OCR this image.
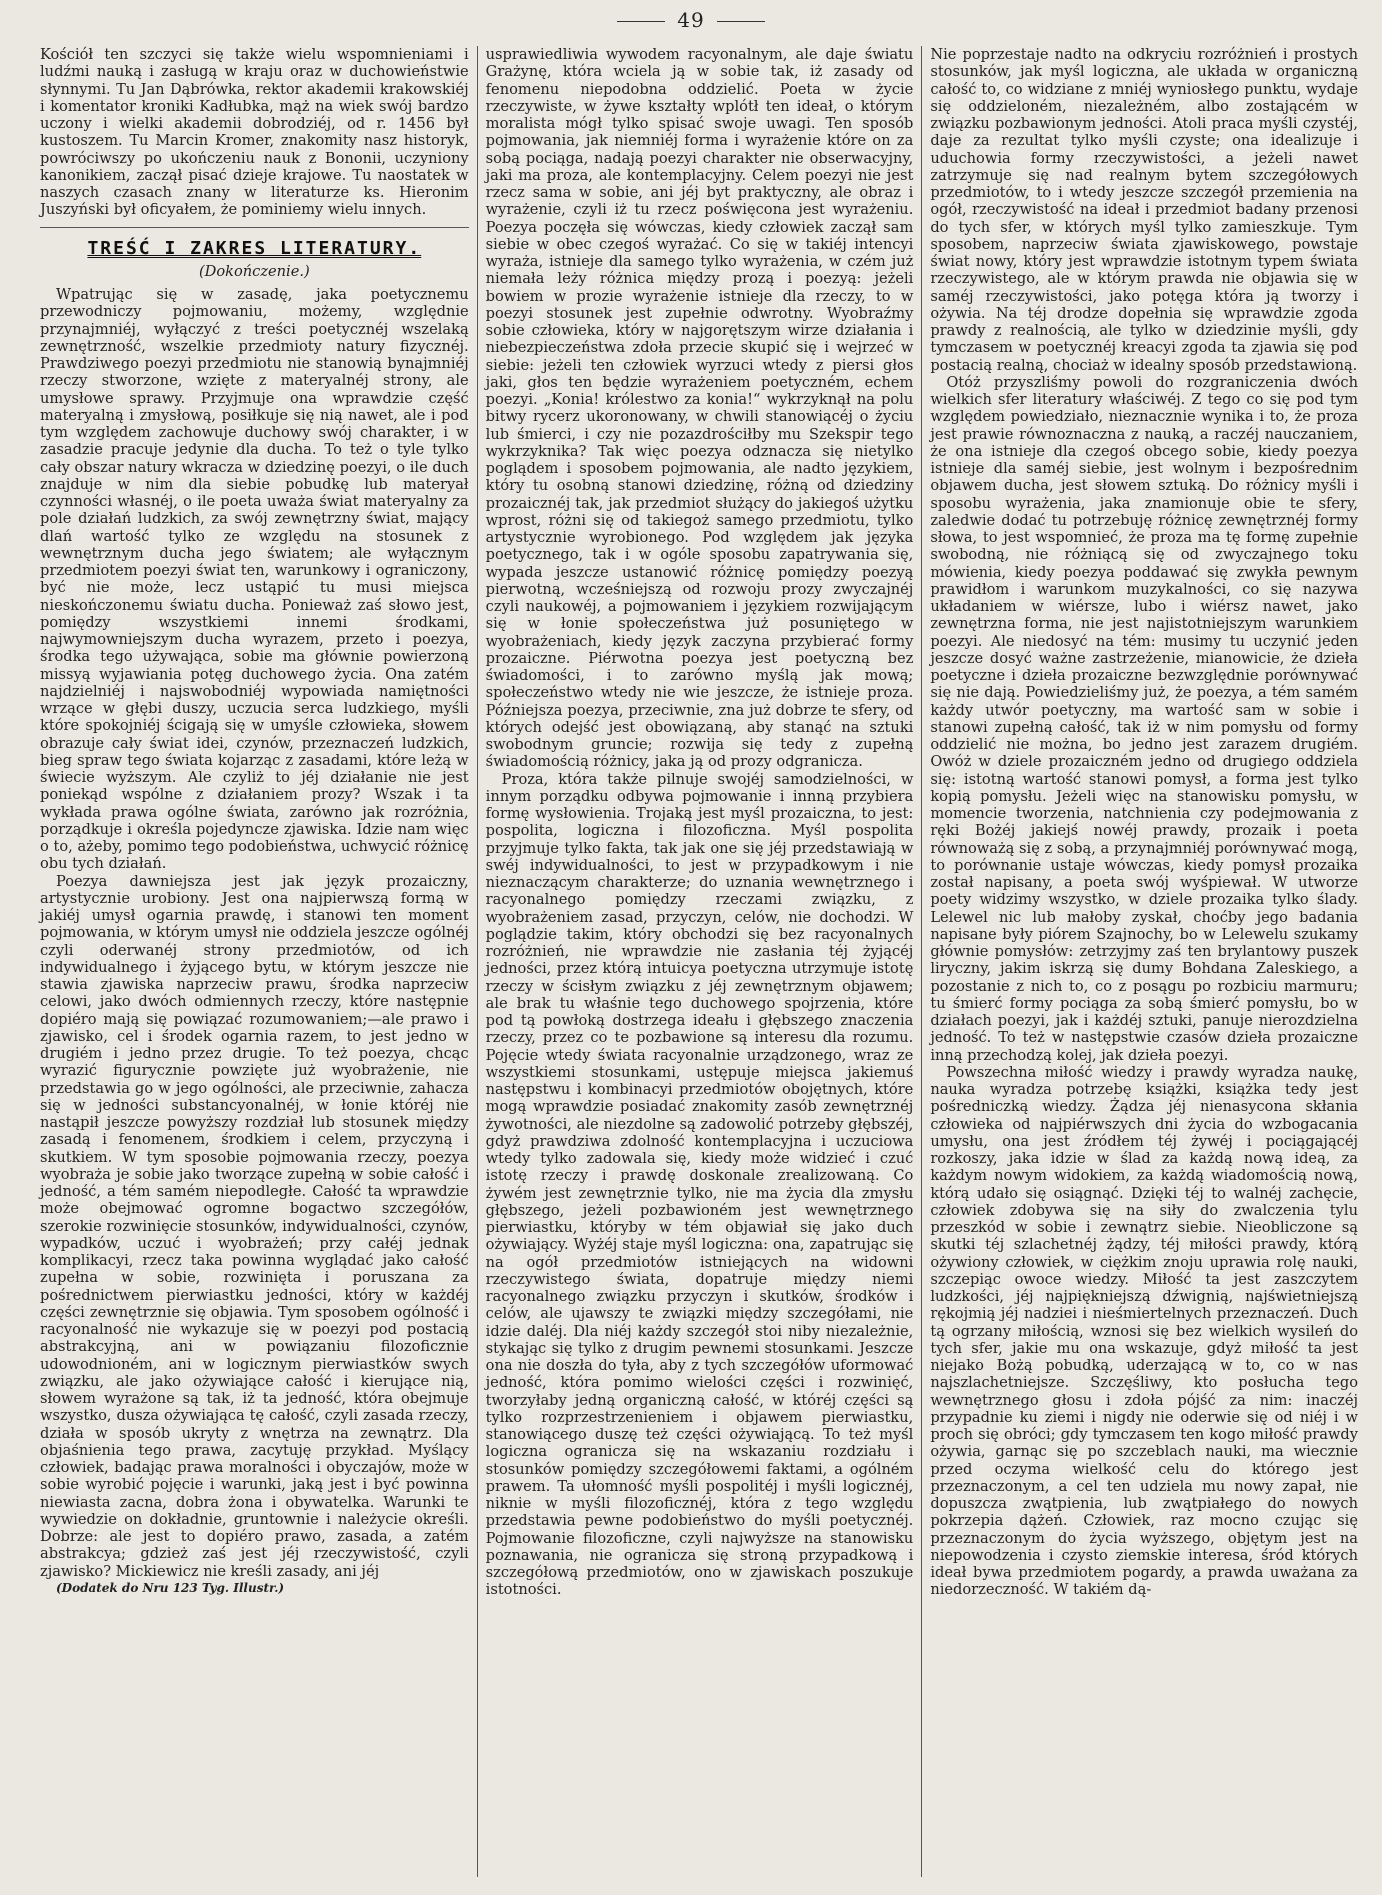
49

Kościół ten szczyci się także wielu wspomnieniami i ludźmi nauką i zasługą w kraju oraz w duchowieństwie słynnymi. Tu Jan Dąbrówka, rektor akademii krakowskiéj i komentator kroniki Kadłubka, mąż na wiek swój bardzo uczony i wielki akademii dobrodziéj, od r. 1456 był kustoszem. Tu Marcin Kromer, znakomity nasz historyk, powróciwszy po ukończeniu nauk z Bononii, uczyniony kanonikiem, zaczął pisać dzieje krajowe. Tu naostatek w naszych czasach znany w literaturze ks. Hieronim Juszyński był oficyałem, że pominiemy wielu innych.

TREŚĆ I ZAKRES LITERATURY.
(Dokończenie.)

Wpatrując się w zasadę, jaka poetycznemu przewodniczy pojmowaniu, możemy, względnie przynajmniéj, wyłączyć z treści poetycznéj wszelaką zewnętrzność, wszelkie przedmioty natury fizycznéj. Prawdziwego poezyi przedmiotu nie stanowią bynajmniéj rzeczy stworzone, wzięte z materyalnéj strony, ale umysłowe sprawy. Przyjmuje ona wprawdzie część materyalną i zmysłową, posiłkuje się nią nawet, ale i pod tym względem zachowuje duchowy swój charakter, i w zasadzie pracuje jedynie dla ducha. To też o tyle tylko cały obszar natury wkracza w dziedzinę poezyi, o ile duch znajduje w nim dla siebie pobudkę lub materyał czynności własnéj, o ile poeta uważa świat materyalny za pole działań ludzkich, za swój zewnętrzny świat, mający dlań wartość tylko ze względu na stosunek z wewnętrznym ducha jego światem; ale wyłącznym przedmiotem poezyi świat ten, warunkowy i ograniczony, być nie może, lecz ustąpić tu musi miejsca nieskończonemu światu ducha. Ponieważ zaś słowo jest, pomiędzy wszystkiemi innemi środkami, najwymowniejszym ducha wyrazem, przeto i poezya, środka tego używająca, sobie ma głównie powierzoną missyą wyjawiania potęg duchowego życia. Ona zatém najdzielniéj i najswobodniéj wypowiada namiętności wrzące w głębi duszy, uczucia serca ludzkiego, myśli które spokojniéj ścigają się w umyśle człowieka, słowem obrazuje cały świat idei, czynów, przeznaczeń ludzkich, bieg spraw tego świata kojarząc z zasadami, które leżą w świecie wyższym. Ale czyliż to jéj działanie nie jest poniekąd wspólne z działaniem prozy? Wszak i ta wykłada prawa ogólne świata, zarówno jak rozróżnia, porządkuje i określa pojedyncze zjawiska. Idzie nam więc o to, ażeby, pomimo tego podobieństwa, uchwycić różnicę obu tych działań.

Poezya dawniejsza jest jak język prozaiczny, artystycznie urobiony. Jest ona najpierwszą formą w jakiéj umysł ogarnia prawdę, i stanowi ten moment pojmowania, w którym umysł nie oddziela jeszcze ogólnéj czyli oderwanéj strony przedmiotów, od ich indywidualnego i żyjącego bytu, w którym jeszcze nie stawia zjawiska naprzeciw prawu, środka naprzeciw celowi, jako dwóch odmiennych rzeczy, które następnie dopiéro mają się powiązać rozumowaniem;—ale prawo i zjawisko, cel i środek ogarnia razem, to jest jedno w drugiém i jedno przez drugie. To też poezya, chcąc wyrazić figurycznie powzięte już wyobrażenie, nie przedstawia go w jego ogólności, ale przeciwnie, zahacza się w jedności substancyonalnéj, w łonie któréj nie nastąpił jeszcze powyższy rozdział lub stosunek między zasadą i fenomenem, środkiem i celem, przyczyną i skutkiem. W tym sposobie pojmowania rzeczy, poezya wyobraża je sobie jako tworzące zupełną w sobie całość i jedność, a tém samém niepodległe. Całość ta wprawdzie może obejmować ogromne bogactwo szczegółów, szerokie rozwinięcie stosunków, indywidualności, czynów, wypadków, uczuć i wyobrażeń; przy całéj jednak komplikacyi, rzecz taka powinna wyglądać jako całość zupełna w sobie, rozwinięta i poruszana za pośrednictwem pierwiastku jedności, który w każdéj części zewnętrznie się objawia. Tym sposobem ogólność i racyonalność nie wykazuje się w poezyi pod postacią abstrakcyjną, ani w powiązaniu filozoficznie udowodnioném, ani w logicznym pierwiastków swych związku, ale jako ożywiające całość i kierujące nią, słowem wyrażone są tak, iż ta jedność, która obejmuje wszystko, dusza ożywiająca tę całość, czyli zasada rzeczy, działa w sposób ukryty z wnętrza na zewnątrz. Dla objaśnienia tego prawa, zacytuję przykład. Myślący człowiek, badając prawa moralności i obyczajów, może w sobie wyrobić pojęcie i warunki, jaką jest i być powinna niewiasta zacna, dobra żona i obywatelka. Warunki te wywiedzie on dokładnie, gruntownie i należycie określi. Dobrze: ale jest to dopiéro prawo, zasada, a zatém abstrakcya; gdzież zaś jest jéj rzeczywistość, czyli zjawisko? Mickiewicz nie kreśli zasady, ani jéj

(Dodatek do Nru 123 Tyg. Illustr.)

usprawiedliwia wywodem racyonalnym, ale daje światu Grażynę, która wciela ją w sobie tak, iż zasady od fenomenu niepodobna oddzielić. Poeta w życie rzeczywiste, w żywe kształty wplótł ten ideał, o którym moralista mógł tylko spisać swoje uwagi. Ten sposób pojmowania, jak niemniéj forma i wyrażenie które on za sobą pociąga, nadają poezyi charakter nie obserwacyjny, jaki ma proza, ale kontemplacyjny. Celem poezyi nie jest rzecz sama w sobie, ani jéj byt praktyczny, ale obraz i wyrażenie, czyli iż tu rzecz poświęcona jest wyrażeniu. Poezya poczęła się wówczas, kiedy człowiek zaczął sam siebie w obec czegoś wyrażać. Co się w takiéj intencyi wyraża, istnieje dla samego tylko wyrażenia, w czém już niemała leży różnica między prozą i poezyą: jeżeli bowiem w prozie wyrażenie istnieje dla rzeczy, to w poezyi stosunek jest zupełnie odwrotny. Wyobraźmy sobie człowieka, który w najgorętszym wirze działania i niebezpieczeństwa zdoła przecie skupić się i wejrzeć w siebie: jeżeli ten człowiek wyrzuci wtedy z piersi głos jaki, głos ten będzie wyrażeniem poetyczném, echem poezyi. „Konia! królestwo za konia!“ wykrzyknął na polu bitwy rycerz ukoronowany, w chwili stanowiącéj o życiu lub śmierci, i czy nie pozazdrościłby mu Szekspir tego wykrzyknika? Tak więc poezya odznacza się nietylko poglądem i sposobem pojmowania, ale nadto językiem, który tu osobną stanowi dziedzinę, różną od dziedziny prozaicznéj tak, jak przedmiot służący do jakiegoś użytku wprost, różni się od takiegoż samego przedmiotu, tylko artystycznie wyrobionego. Pod względem jak języka poetycznego, tak i w ogóle sposobu zapatrywania się, wypada jeszcze ustanowić różnicę pomiędzy poezyą pierwotną, wcześniejszą od rozwoju prozy zwyczajnéj czyli naukowéj, a pojmowaniem i językiem rozwijającym się w łonie społeczeństwa już posuniętego w wyobrażeniach, kiedy język zaczyna przybierać formy prozaiczne. Piérwotna poezya jest poetyczną bez świadomości, i to zarówno myślą jak mową; społeczeństwo wtedy nie wie jeszcze, że istnieje proza. Późniejsza poezya, przeciwnie, zna już dobrze te sfery, od których odejść jest obowiązaną, aby stanąć na sztuki swobodnym gruncie; rozwija się tedy z zupełną świadomością różnicy, jaka ją od prozy odgranicza.

Proza, która także pilnuje swojéj samodzielności, w innym porządku odbywa pojmowanie i innną przybiera formę wysłowienia. Trojaką jest myśl prozaiczna, to jest: pospolita, logiczna i filozoficzna. Myśl pospolita przyjmuje tylko fakta, tak jak one się jéj przedstawiają w swéj indywidualności, to jest w przypadkowym i nie nieznaczącym charakterze; do uznania wewnętrznego i racyonalnego pomiędzy rzeczami związku, z wyobrażeniem zasad, przyczyn, celów, nie dochodzi. W poglądzie takim, który obchodzi się bez racyonalnych rozróżnień, nie wprawdzie nie zasłania téj żyjącéj jedności, przez którą intuicya poetyczna utrzymuje istotę rzeczy w ścisłym związku z jéj zewnętrznym objawem; ale brak tu właśnie tego duchowego spojrzenia, które pod tą powłoką dostrzega ideału i głębszego znaczenia rzeczy, przez co te pozbawione są interesu dla rozumu. Pojęcie wtedy świata racyonalnie urządzonego, wraz ze wszystkiemi stosunkami, ustępuje miejsca jakiemuś następstwu i kombinacyi przedmiotów obojętnych, które mogą wprawdzie posiadać znakomity zasób zewnętrznéj żywotności, ale niezdolne są zadowolić potrzeby głębszéj, gdyż prawdziwa zdolność kontemplacyjna i uczuciowa wtedy tylko zadowala się, kiedy może widzieć i czuć istotę rzeczy i prawdę doskonale zrealizowaną. Co żywém jest zewnętrznie tylko, nie ma życia dla zmysłu głębszego, jeżeli pozbawioném jest wewnętrznego pierwiastku, któryby w tém objawiał się jako duch ożywiający. Wyżéj staje myśl logiczna: ona, zapatrując się na ogół przedmiotów istniejących na widowni rzeczywistego świata, dopatruje między niemi racyonalnego związku przyczyn i skutków, środków i celów, ale ujawszy te związki między szczegółami, nie idzie daléj. Dla niéj każdy szczegół stoi niby niezależnie, stykając się tylko z drugim pewnemi stosunkami. Jeszcze ona nie doszła do tyła, aby z tych szczegółów uformować jedność, która pomimo wielości części i rozwinięć, tworzyłaby jedną organiczną całość, w któréj części są tylko rozprzestrzenieniem i objawem pierwiastku, stanowiącego duszę też części ożywiającą. To też myśl logiczna ogranicza się na wskazaniu rozdziału i stosunków pomiędzy szczegółowemi faktami, a ogólném prawem. Ta ułomność myśli pospolitéj i myśli logicznéj, niknie w myśli filozoficznéj, która z tego względu przedstawia pewne podobieństwo do myśli poetycznéj. Pojmowanie filozoficzne, czyli najwyższe na stanowisku poznawania, nie ogranicza się stroną przypadkową i szczegółową przedmiotów, ono w zjawiskach poszukuje istotności.

Nie poprzestaje nadto na odkryciu rozróżnień i prostych stosunków, jak myśl logiczna, ale układa w organiczną całość to, co widziane z mniéj wyniosłego punktu, wydaje się oddzieloném, niezależném, albo zostającém w związku pozbawionym jedności. Atoli praca myśli czystéj, daje za rezultat tylko myśli czyste; ona idealizuje i uduchowia formy rzeczywistości, a jeżeli nawet zatrzymuje się nad realnym bytem szczegółowych przedmiotów, to i wtedy jeszcze szczegół przemienia na ogół, rzeczywistość na ideał i przedmiot badany przenosi do tych sfer, w których myśl tylko zamieszkuje. Tym sposobem, naprzeciw świata zjawiskowego, powstaje świat nowy, który jest wprawdzie istotnym typem świata rzeczywistego, ale w którym prawda nie objawia się w saméj rzeczywistości, jako potęga która ją tworzy i ożywia. Na téj drodze dopełnia się wprawdzie zgoda prawdy z realnością, ale tylko w dziedzinie myśli, gdy tymczasem w poetycznéj kreacyi zgoda ta zjawia się pod postacią realną, chociaż w idealny sposób przedstawioną.

Otóż przyszliśmy powoli do rozgraniczenia dwóch wielkich sfer literatury właściwéj. Z tego co się pod tym względem powiedziało, nieznacznie wynika i to, że proza jest prawie równoznaczna z nauką, a raczéj nauczaniem, że ona istnieje dla czegoś obcego sobie, kiedy poezya istnieje dla saméj siebie, jest wolnym i bezpośrednim objawem ducha, jest słowem sztuką. Do różnicy myśli i sposobu wyrażenia, jaka znamionuje obie te sfery, zaledwie dodać tu potrzebuję różnicę zewnętrznéj formy słowa, to jest wspomnieć, że proza ma tę formę zupełnie swobodną, nie różniącą się od zwyczajnego toku mówienia, kiedy poezya poddawać się zwykła pewnym prawidłom i warunkom muzykalności, co się nazywa układaniem w wiérsze, lubo i wiérsz nawet, jako zewnętrzna forma, nie jest najistotniejszym warunkiem poezyi. Ale niedosyć na tém: musimy tu uczynić jeden jeszcze dosyć ważne zastrzeżenie, mianowicie, że dzieła poetyczne i dzieła prozaiczne bezwzględnie porównywać się nie dają. Powiedzieliśmy już, że poezya, a tém samém każdy utwór poetyczny, ma wartość sam w sobie i stanowi zupełną całość, tak iż w nim pomysłu od formy oddzielić nie można, bo jedno jest zarazem drugiém. Owóż w dziele prozaiczném jedno od drugiego oddziela się: istotną wartość stanowi pomysł, a forma jest tylko kopią pomysłu. Jeżeli więc na stanowisku pomysłu, w momencie tworzenia, natchnienia czy podejmowania z ręki Bożéj jakiejś nowéj prawdy, prozaik i poeta równoważą się z sobą, a przynajmniéj porównywać mogą, to porównanie ustaje wówczas, kiedy pomysł prozaika został napisany, a poeta swój wyśpiewał. W utworze poety widzimy wszystko, w dziele prozaika tylko ślady. Lelewel nic lub małoby zyskał, choćby jego badania napisane były piórem Szajnochy, bo w Lelewelu szukamy głównie pomysłów: zetrzyjmy zaś ten brylantowy puszek liryczny, jakim iskrzą się dumy Bohdana Zaleskiego, a pozostanie z nich to, co z posągu po rozbiciu marmuru; tu śmierć formy pociąga za sobą śmierć pomysłu, bo w działach poezyi, jak i każdéj sztuki, panuje nierozdzielna jedność. To też w następstwie czasów dzieła prozaiczne inną przechodzą kolej, jak dzieła poezyi.

Powszechna miłość wiedzy i prawdy wyradza naukę, nauka wyradza potrzebę książki, książka tedy jest pośredniczką wiedzy. Żądza jéj nienasycona skłania człowieka od najpiérwszych dni życia do wzbogacania umysłu, ona jest źródłem téj żywéj i pociągającéj rozkoszy, jaka idzie w ślad za każdą nową ideą, za każdym nowym widokiem, za każdą wiadomością nową, którą udało się osiągnąć. Dzięki téj to walnéj zachęcie, człowiek zdobywa się na siły do zwalczenia tylu przeszkód w sobie i zewnątrz siebie. Nieobliczone są skutki téj szlachetnéj żądzy, téj miłości prawdy, którą ożywiony człowiek, w ciężkim znoju uprawia rolę nauki, szczepiąc owoce wiedzy. Miłość ta jest zaszczytem ludzkości, jéj najpiękniejszą dźwignią, najświetniejszą rękojmią jéj nadziei i nieśmiertelnych przeznaczeń. Duch tą ogrzany miłością, wznosi się bez wielkich wysileń do tych sfer, jakie mu ona wskazuje, gdyż miłość ta jest niejako Bożą pobudką, uderzającą w to, co w nas najszlachetniejsze. Szczęśliwy, kto posłucha tego wewnętrznego głosu i zdoła pójść za nim: inaczéj przypadnie ku ziemi i nigdy nie oderwie się od niéj i w proch się obróci; gdy tymczasem ten kogo miłość prawdy ożywia, garnąc się po szczeblach nauki, ma wiecznie przed oczyma wielkość celu do którego jest przeznaczonym, a cel ten udziela mu nowy zapał, nie dopuszcza zwątpienia, lub zwątpiałego do nowych pokrzepia dążeń. Człowiek, raz mocno czując się przeznaczonym do życia wyższego, objętym jest na niepowodzenia i czysto ziemskie interesa, śród których ideał bywa przedmiotem pogardy, a prawda uważana za niedorzeczność. W takiém dą-
